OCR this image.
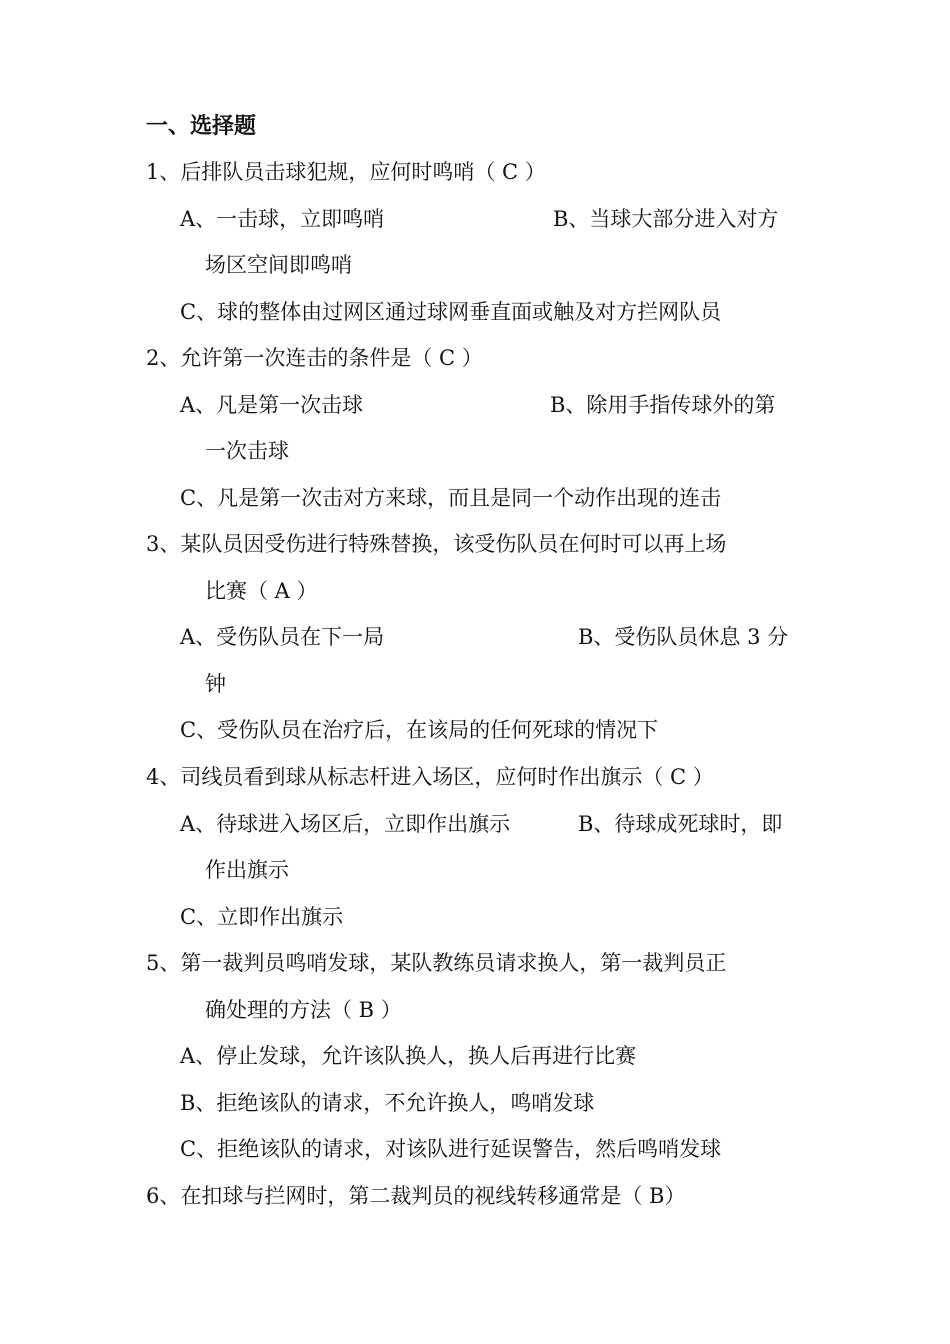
一、选择题
1、后排队员击球犯规，应何时鸣哨（ C ）
A、一击球，立即鸣哨	B、当球大部分进入对方
场区空间即鸣哨
C、球的整体由过网区通过球网垂直面或触及对方拦网队员
2、允许第一次连击的条件是（ C ）
A、凡是第一次击球	B、除用手指传球外的第
一次击球
C、凡是第一次击对方来球，而且是同一个动作出现的连击
3、某队员因受伤进行特殊替换，该受伤队员在何时可以再上场
比赛（ A ）
A、受伤队员在下一局	B、受伤队员休息 3 分
钟
C、受伤队员在治疗后，在该局的任何死球的情况下
4、司线员看到球从标志杆进入场区，应何时作出旗示（ C ）
A、待球进入场区后，立即作出旗示	B、待球成死球时，即
作出旗示
C、立即作出旗示
5、第一裁判员鸣哨发球，某队教练员请求换人，第一裁判员正
确处理的方法（ B ）
A、停止发球，允许该队换人，换人后再进行比赛
B、拒绝该队的请求，不允许换人，鸣哨发球
C、拒绝该队的请求，对该队进行延误警告，然后鸣哨发球
6、在扣球与拦网时，第二裁判员的视线转移通常是（ B）
